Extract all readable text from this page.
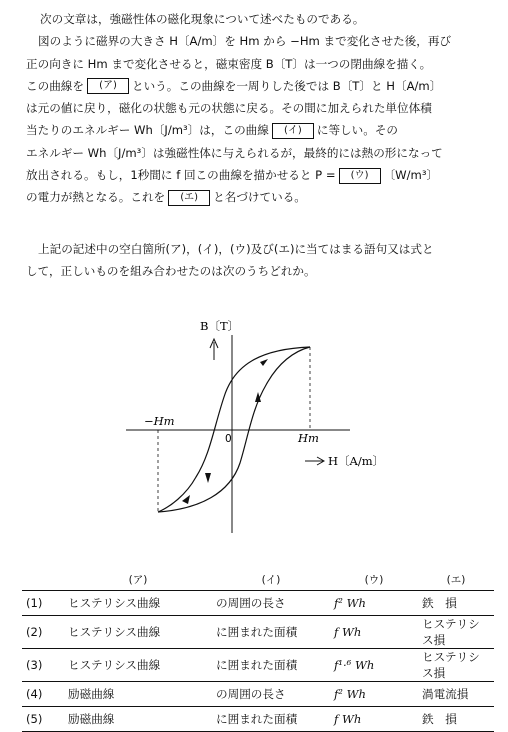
次の文章は，強磁性体の磁化現象について述べたものである。
図のように磁界の大きさ H〔A/m〕を Hm から −Hm まで変化させた後，再び
正の向きに Hm まで変化させると，磁束密度 B〔T〕は一つの閉曲線を描く。
この曲線を (ア) という。この曲線を一周りした後では B〔T〕と H〔A/m〕
は元の値に戻り，磁化の状態も元の状態に戻る。その間に加えられた単位体積
当たりのエネルギー Wh〔J/m³〕は，この曲線 (イ) に等しい。その
エネルギー Wh〔J/m³〕は強磁性体に与えられるが，最終的には熱の形になって
放出される。もし，1秒間に f 回この曲線を描かせると P = (ウ) 〔W/m³〕
の電力が熱となる。これを (エ) と名づけている。
上記の記述中の空白箇所(ア)，(イ)，(ウ)及び(エ)に当てはまる語句又は式と
して，正しいものを組み合わせたのは次のうちどれか。
B〔T〕
H〔A/m〕
0	Hm
−Hm
	(ア)	(イ)	(ウ)	(エ)
(1)	ヒステリシス曲線	の周囲の長さ	f² Wh	鉄　損
(2)	ヒステリシス曲線	に囲まれた面積	f Wh	ヒステリシス損
(3)	ヒステリシス曲線	に囲まれた面積	f¹·⁶ Wh	ヒステリシス損
(4)	励磁曲線	の周囲の長さ	f² Wh	渦電流損
(5)	励磁曲線	に囲まれた面積	f Wh	鉄　損
